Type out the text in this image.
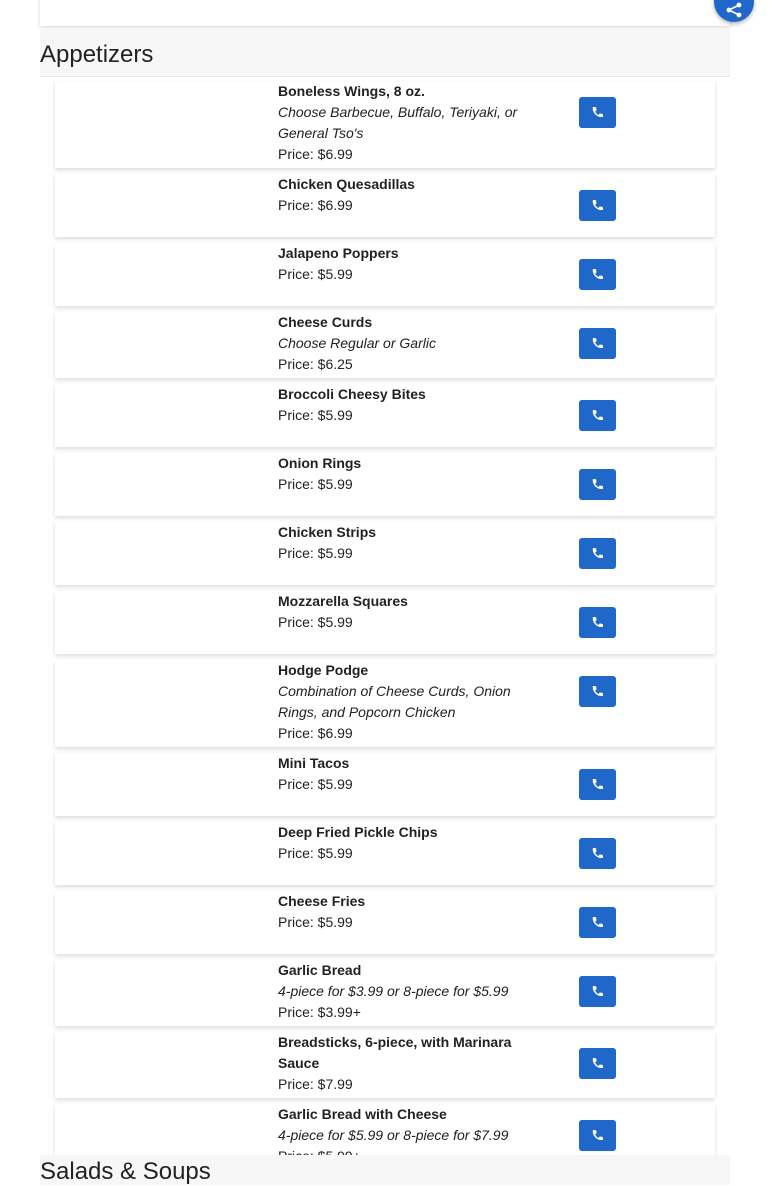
Appetizers
Boneless Wings, 8 oz.
Choose Barbecue, Buffalo, Teriyaki, or General Tso's
Price: $6.99
Chicken Quesadillas
Price: $6.99
Jalapeno Poppers
Price: $5.99
Cheese Curds
Choose Regular or Garlic
Price: $6.25
Broccoli Cheesy Bites
Price: $5.99
Onion Rings
Price: $5.99
Chicken Strips
Price: $5.99
Mozzarella Squares
Price: $5.99
Hodge Podge
Combination of Cheese Curds, Onion Rings, and Popcorn Chicken
Price: $6.99
Mini Tacos
Price: $5.99
Deep Fried Pickle Chips
Price: $5.99
Cheese Fries
Price: $5.99
Garlic Bread
4-piece for $3.99 or 8-piece for $5.99
Price: $3.99+
Breadsticks, 6-piece, with Marinara Sauce
Price: $7.99
Garlic Bread with Cheese
4-piece for $5.99 or 8-piece for $7.99
Salads & Soups
